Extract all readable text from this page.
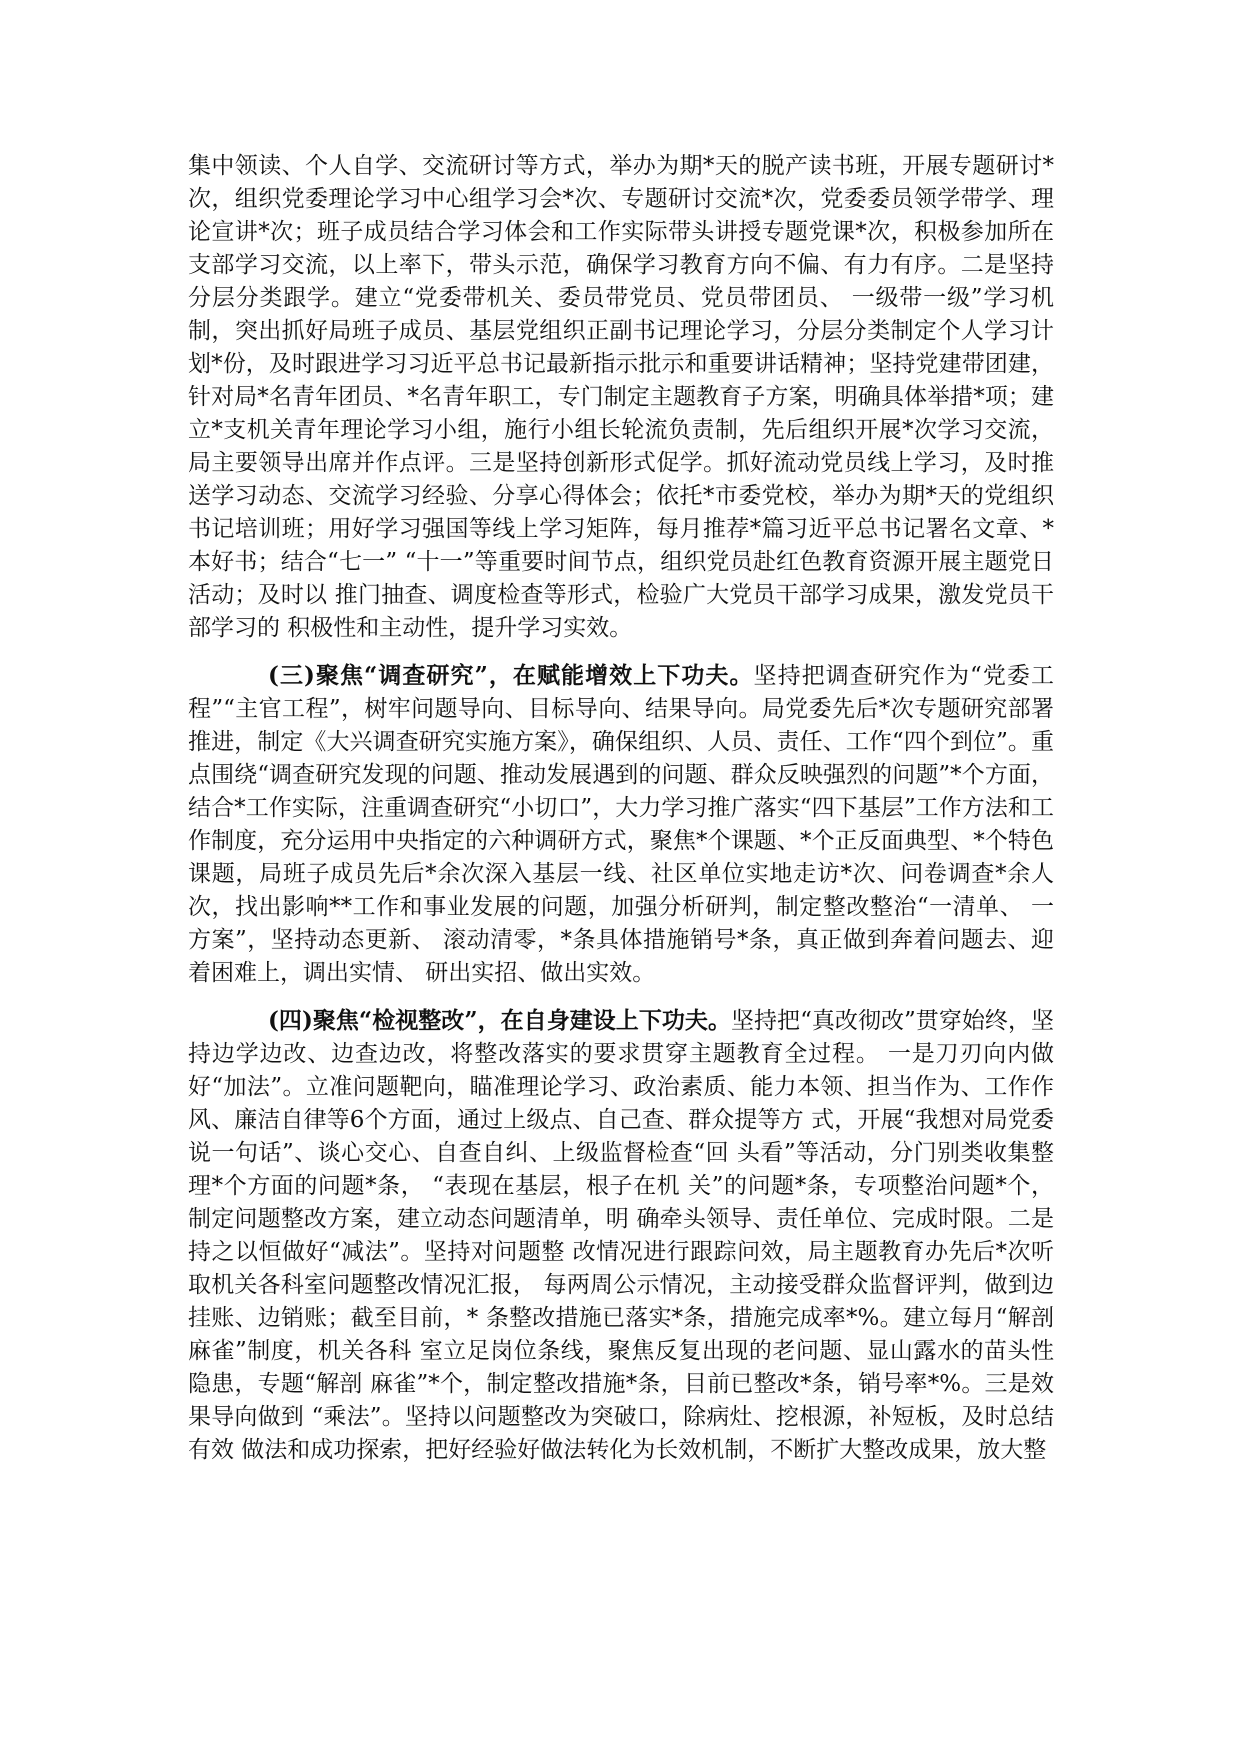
集中领读、个人自学、交流研讨等方式，举办为期*天的脱产读书班，开展专题研讨*次，组织党委理论学习中心组学习会*次、专题研讨交流*次，党委委员领学带学、理论宣讲*次；班子成员结合学习体会和工作实际带头讲授专题党课*次，积极参加所在支部学习交流，以上率下，带头示范，确保学习教育方向不偏、有力有序。二是坚持分层分类跟学。建立“党委带机关、委员带党员、党员带团员、 一级带一级”学习机制，突出抓好局班子成员、基层党组织正副书记理论学习，分层分类制定个人学习计划*份，及时跟进学习习近平总书记最新指示批示和重要讲话精神；坚持党建带团建，针对局*名青年团员、*名青年职工，专门制定主题教育子方案，明确具体举措*项；建立*支机关青年理论学习小组，施行小组长轮流负责制，先后组织开展*次学习交流，局主要领导出席并作点评。三是坚持创新形式促学。抓好流动党员线上学习，及时推送学习动态、交流学习经验、分享心得体会；依托*市委党校，举办为期*天的党组织书记培训班；用好学习强国等线上学习矩阵，每月推荐*篇习近平总书记署名文章、*本好书；结合“七一” “十一”等重要时间节点，组织党员赴红色教育资源开展主题党日活动；及时以 推门抽查、调度检查等形式，检验广大党员干部学习成果，激发党员干部学习的 积极性和主动性，提升学习实效。

(三)聚焦“调查研究”，在赋能增效上下功夫。坚持把调查研究作为“党委工程”“主官工程”，树牢问题导向、目标导向、结果导向。局党委先后*次专题研究部署推进，制定《大兴调查研究实施方案》，确保组织、人员、责任、工作“四个到位”。重点围绕“调查研究发现的问题、推动发展遇到的问题、群众反映强烈的问题”*个方面，结合*工作实际，注重调查研究“小切口”，大力学习推广落实“四下基层”工作方法和工作制度，充分运用中央指定的六种调研方式，聚焦*个课题、*个正反面典型、*个特色课题，局班子成员先后*余次深入基层一线、社区单位实地走访*次、问卷调查*余人次，找出影响**工作和事业发展的问题，加强分析研判，制定整改整治“一清单、 一方案”，坚持动态更新、 滚动清零，*条具体措施销号*条，真正做到奔着问题去、迎着困难上，调出实情、 研出实招、做出实效。

(四)聚焦“检视整改”，在自身建设上下功夫。坚持把“真改彻改”贯穿始终，坚持边学边改、边查边改，将整改落实的要求贯穿主题教育全过程。 一是刀刃向内做好“加法”。立准问题靶向，瞄准理论学习、政治素质、能力本领、担当作为、工作作风、廉洁自律等6个方面，通过上级点、自己查、群众提等方 式，开展“我想对局党委说一句话”、谈心交心、自查自纠、上级监督检查“回 头看”等活动，分门别类收集整理*个方面的问题*条， “表现在基层，根子在机 关”的问题*条，专项整治问题*个，制定问题整改方案，建立动态问题清单，明 确牵头领导、责任单位、完成时限。二是持之以恒做好“减法”。坚持对问题整 改情况进行跟踪问效，局主题教育办先后*次听取机关各科室问题整改情况汇报， 每两周公示情况，主动接受群众监督评判，做到边挂账、边销账；截至目前，* 条整改措施已落实*条，措施完成率*%。建立每月“解剖麻雀”制度，机关各科 室立足岗位条线，聚焦反复出现的老问题、显山露水的苗头性隐患，专题“解剖 麻雀”*个，制定整改措施*条，目前已整改*条，销号率*%。三是效果导向做到 “乘法”。坚持以问题整改为突破口，除病灶、挖根源，补短板，及时总结有效 做法和成功探索，把好经验好做法转化为长效机制，不断扩大整改成果，放大整
